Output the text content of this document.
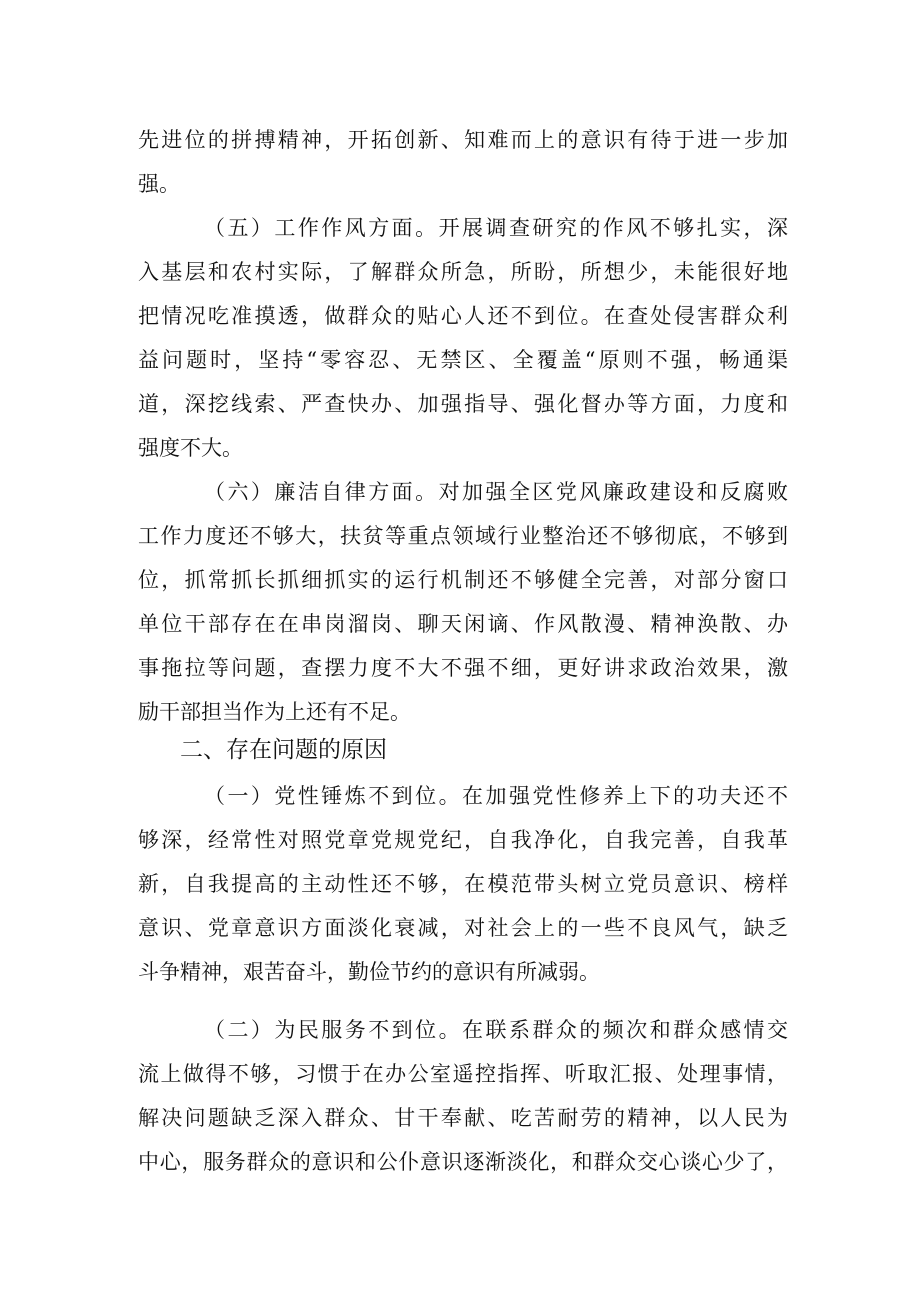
先进位的拼搏精神，开拓创新、知难而上的意识有待于进一步加
强。
（五）工作作风方面。开展调查研究的作风不够扎实，深
入基层和农村实际，了解群众所急，所盼，所想少，未能很好地
把情况吃准摸透，做群众的贴心人还不到位。在查处侵害群众利
益问题时，坚持“零容忍、无禁区、全覆盖“原则不强，畅通渠
道，深挖线索、严查快办、加强指导、强化督办等方面，力度和
强度不大。
（六）廉洁自律方面。对加强全区党风廉政建设和反腐败
工作力度还不够大，扶贫等重点领域行业整治还不够彻底，不够到
位，抓常抓长抓细抓实的运行机制还不够健全完善，对部分窗口
单位干部存在在串岗溜岗、聊天闲谪、作风散漫、精神涣散、办
事拖拉等问题，查摆力度不大不强不细，更好讲求政治效果，激
励干部担当作为上还有不足。
二、存在问题的原因
（一）党性锤炼不到位。在加强党性修养上下的功夫还不
够深，经常性对照党章党规党纪，自我净化，自我完善，自我革
新，自我提高的主动性还不够，在模范带头树立党员意识、榜样
意识、党章意识方面淡化衰减，对社会上的一些不良风气，缺乏
斗争精神，艰苦奋斗，勤俭节约的意识有所减弱。
（二）为民服务不到位。在联系群众的频次和群众感情交
流上做得不够，习惯于在办公室遥控指挥、听取汇报、处理事情，
解决问题缺乏深入群众、甘干奉献、吃苦耐劳的精神，以人民为
中心，服务群众的意识和公仆意识逐渐淡化，和群众交心谈心少了，
